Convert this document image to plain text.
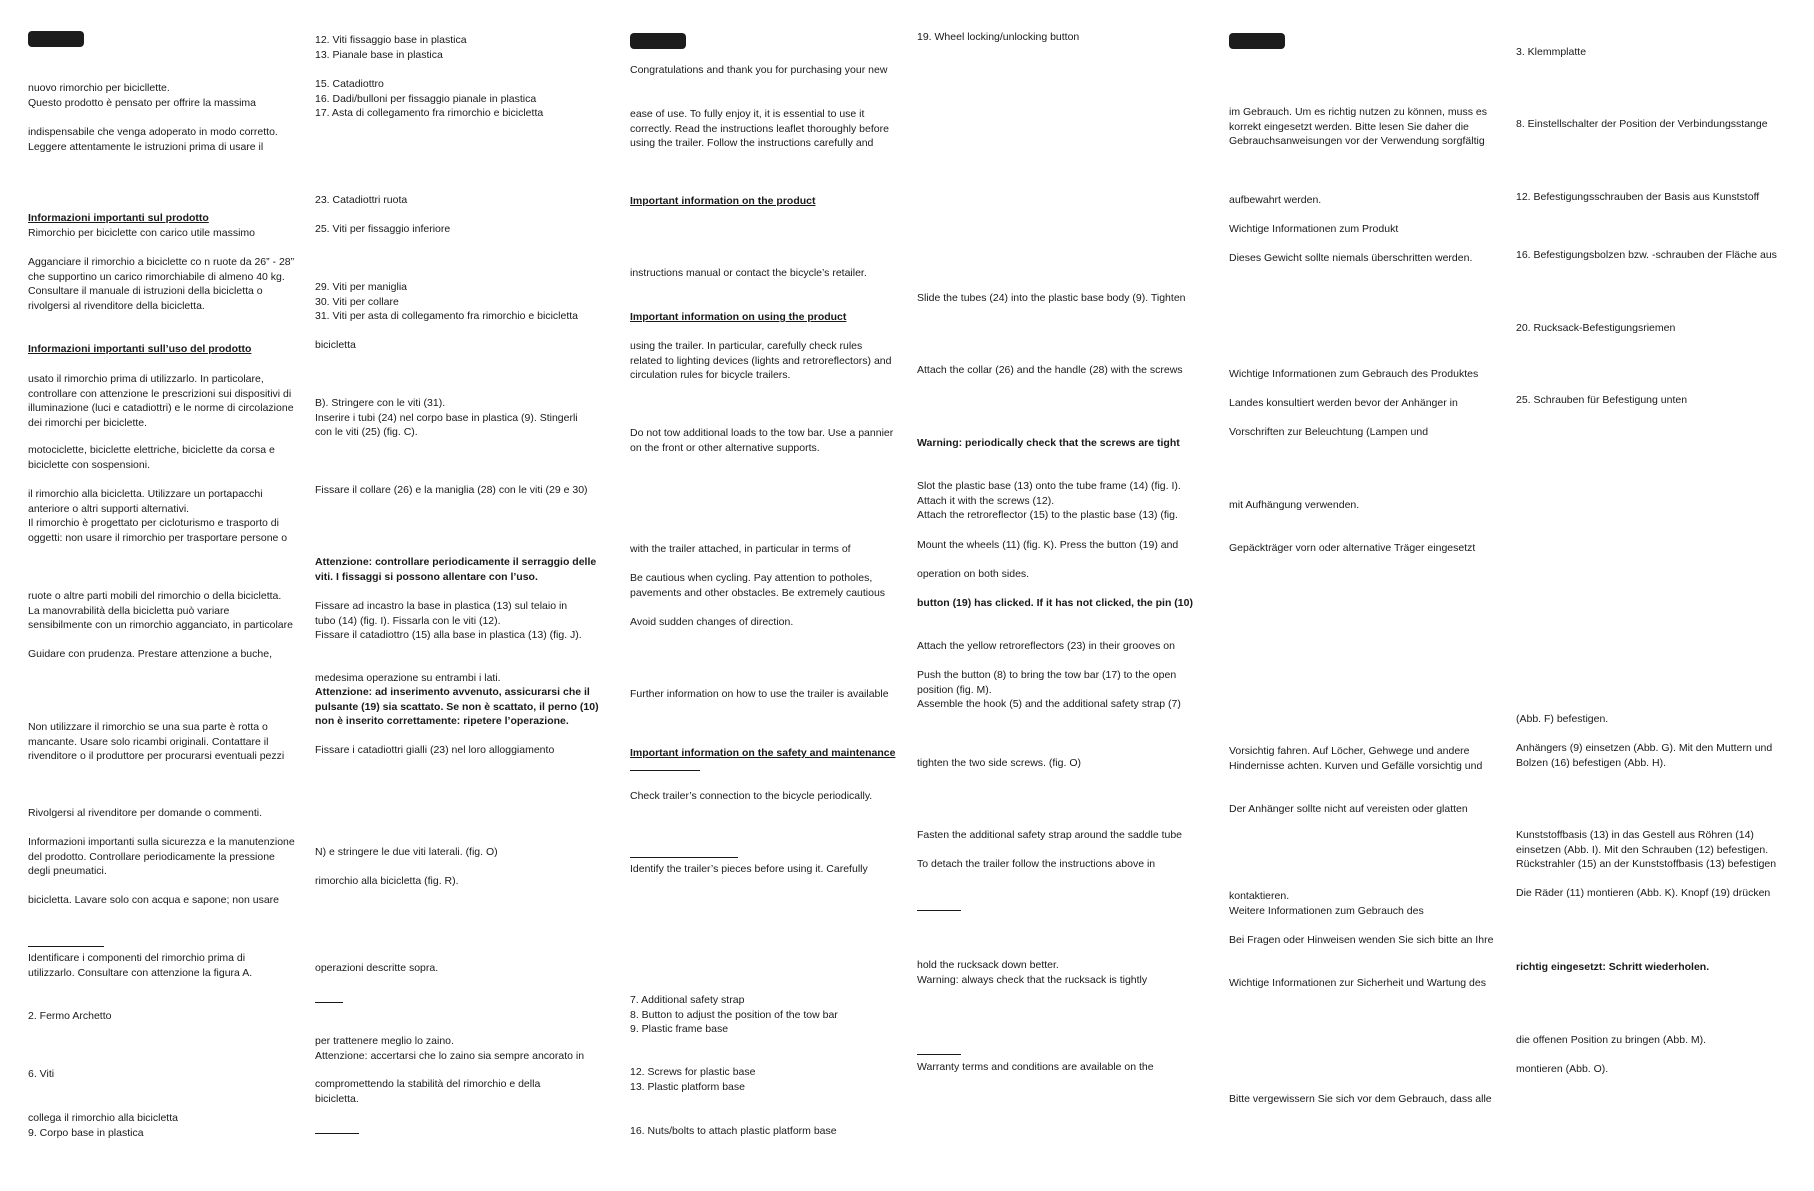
nuovo rimorchio per bicicllette.
Questo prodotto è pensato per offrire la massima
indispensabile che venga adoperato in modo corretto.
Leggere attentamente le istruzioni prima di usare il
Informazioni importanti sul prodotto
Rimorchio per biciclette con carico utile massimo
Agganciare il rimorchio a biciclette co n ruote da 26” - 28”
che supportino un carico rimorchiabile di almeno 40 kg.
Consultare il manuale di istruzioni della bicicletta o
rivolgersi al rivenditore della bicicletta.
Informazioni importanti sull’uso del prodotto
usato il rimorchio prima di utilizzarlo. In particolare,
controllare con attenzione le prescrizioni sui dispositivi di
illuminazione (luci e catadiottri) e le norme di circolazione
dei rimorchi per biciclette.
motociclette, biciclette elettriche, biciclette da corsa e
biciclette con sospensioni.
il rimorchio alla bicicletta. Utilizzare un portapacchi
anteriore o altri supporti alternativi.
Il rimorchio è progettato per cicloturismo e trasporto di
oggetti: non usare il rimorchio per trasportare persone o
ruote o altre parti mobili del rimorchio o della bicicletta.
La manovrabilità della bicicletta può variare
sensibilmente con un rimorchio agganciato, in particolare
Guidare con prudenza. Prestare attenzione a buche,
Non utilizzare il rimorchio se una sua parte è rotta o
mancante. Usare solo ricambi originali. Contattare il
rivenditore o il produttore per procurarsi eventuali pezzi
Rivolgersi al rivenditore per domande o commenti.
Informazioni importanti sulla sicurezza e la manutenzione
del prodotto. Controllare periodicamente la pressione
degli pneumatici.
bicicletta. Lavare solo con acqua e sapone; non usare
Identificare i componenti del rimorchio prima di
utilizzarlo. Consultare con attenzione la figura A.
2. Fermo Archetto
6. Viti
collega il rimorchio alla bicicletta
9. Corpo base in plastica
12. Viti fissaggio base in plastica
13. Pianale base in plastica
15. Catadiottro
16. Dadi/bulloni per fissaggio pianale in plastica
17. Asta di collegamento fra rimorchio e bicicletta
23. Catadiottri ruota
25. Viti per fissaggio inferiore
29. Viti per maniglia
30. Viti per collare
31. Viti per asta di collegamento fra rimorchio e bicicletta
bicicletta
B). Stringere con le viti (31).
Inserire i tubi (24) nel corpo base in plastica (9). Stingerli
con le viti (25) (fig. C).
Fissare il collare (26) e la maniglia (28) con le viti (29 e 30)
Attenzione: controllare periodicamente il serraggio delle
viti. I fissaggi si possono allentare con l’uso.
Fissare ad incastro la base in plastica (13) sul telaio in
tubo (14) (fig. I). Fissarla con le viti (12).
Fissare il catadiottro (15) alla base in plastica (13) (fig. J).
medesima operazione su entrambi i lati.
Attenzione: ad inserimento avvenuto, assicurarsi che il
pulsante (19) sia scattato. Se non è scattato, il perno (10)
non è inserito correttamente: ripetere l’operazione.
Fissare i catadiottri gialli (23) nel loro alloggiamento
N) e stringere le due viti laterali. (fig. O)
rimorchio alla bicicletta (fig. R).
operazioni descritte sopra.
per trattenere meglio lo zaino.
Attenzione: accertarsi che lo zaino sia sempre ancorato in
compromettendo la stabilità del rimorchio e della
bicicletta.
Congratulations and thank you for purchasing your new
ease of use. To fully enjoy it, it is essential to use it
correctly. Read the instructions leaflet thoroughly before
using the trailer. Follow the instructions carefully and
Important information on the product
instructions manual or contact the bicycle’s retailer.
Important information on using the product
using the trailer. In particular, carefully check rules
related to lighting devices (lights and retroreflectors) and
circulation rules for bicycle trailers.
Do not tow additional loads to the tow bar. Use a pannier
on the front or other alternative supports.
with the trailer attached, in particular in terms of
Be cautious when cycling. Pay attention to potholes,
pavements and other obstacles. Be extremely cautious
Avoid sudden changes of direction.
Further information on how to use the trailer is available
Important information on the safety and maintenance
Check trailer’s connection to the bicycle periodically.
Identify the trailer’s pieces before using it. Carefully
7. Additional safety strap
8. Button to adjust the position of the tow bar
9. Plastic frame base
12. Screws for plastic base
13. Plastic platform base
16. Nuts/bolts to attach plastic platform base
19. Wheel locking/unlocking button
Slide the tubes (24) into the plastic base body (9). Tighten
Attach the collar (26) and the handle (28) with the screws
Warning: periodically check that the screws are tight
Slot the plastic base (13) onto the tube frame (14) (fig. I).
Attach it with the screws (12).
Attach the retroreflector (15) to the plastic base (13) (fig.
Mount the wheels (11) (fig. K). Press the button (19) and
operation on both sides.
button (19) has clicked. If it has not clicked, the pin (10)
Attach the yellow retroreflectors (23) in their grooves on
Push the button (8) to bring the tow bar (17) to the open
position (fig. M).
Assemble the hook (5) and the additional safety strap (7)
tighten the two side screws. (fig. O)
Fasten the additional safety strap around the saddle tube
To detach the trailer follow the instructions above in
hold the rucksack down better.
Warning: always check that the rucksack is tightly
Warranty terms and conditions are available on the
im Gebrauch. Um es richtig nutzen zu können, muss es
korrekt eingesetzt werden. Bitte lesen Sie daher die
Gebrauchsanweisungen vor der Verwendung sorgfältig
aufbewahrt werden.
Wichtige Informationen zum Produkt
Dieses Gewicht sollte niemals überschritten werden.
Wichtige Informationen zum Gebrauch des Produktes
Landes konsultiert werden bevor der Anhänger in
Vorschriften zur Beleuchtung (Lampen und
mit Aufhängung verwenden.
Gepäckträger vorn oder alternative Träger eingesetzt
Vorsichtig fahren. Auf Löcher, Gehwege und andere
Hindernisse achten. Kurven und Gefälle vorsichtig und
Der Anhänger sollte nicht auf vereisten oder glatten
kontaktieren.
Weitere Informationen zum Gebrauch des
Bei Fragen oder Hinweisen wenden Sie sich bitte an Ihre
Wichtige Informationen zur Sicherheit und Wartung des
Bitte vergewissern Sie sich vor dem Gebrauch, dass alle
3. Klemmplatte
8. Einstellschalter der Position der Verbindungsstange
12. Befestigungsschrauben der Basis aus Kunststoff
16. Befestigungsbolzen bzw. -schrauben der Fläche aus
20. Rucksack-Befestigungsriemen
25. Schrauben für Befestigung unten
(Abb. F) befestigen.
Anhängers (9) einsetzen (Abb. G). Mit den Muttern und
Bolzen (16) befestigen (Abb. H).
Kunststoffbasis (13) in das Gestell aus Röhren (14)
einsetzen (Abb. I). Mit den Schrauben (12) befestigen.
Rückstrahler (15) an der Kunststoffbasis (13) befestigen
Die Räder (11) montieren (Abb. K). Knopf (19) drücken
richtig eingesetzt: Schritt wiederholen.
die offenen Position zu bringen (Abb. M).
montieren (Abb. O).
